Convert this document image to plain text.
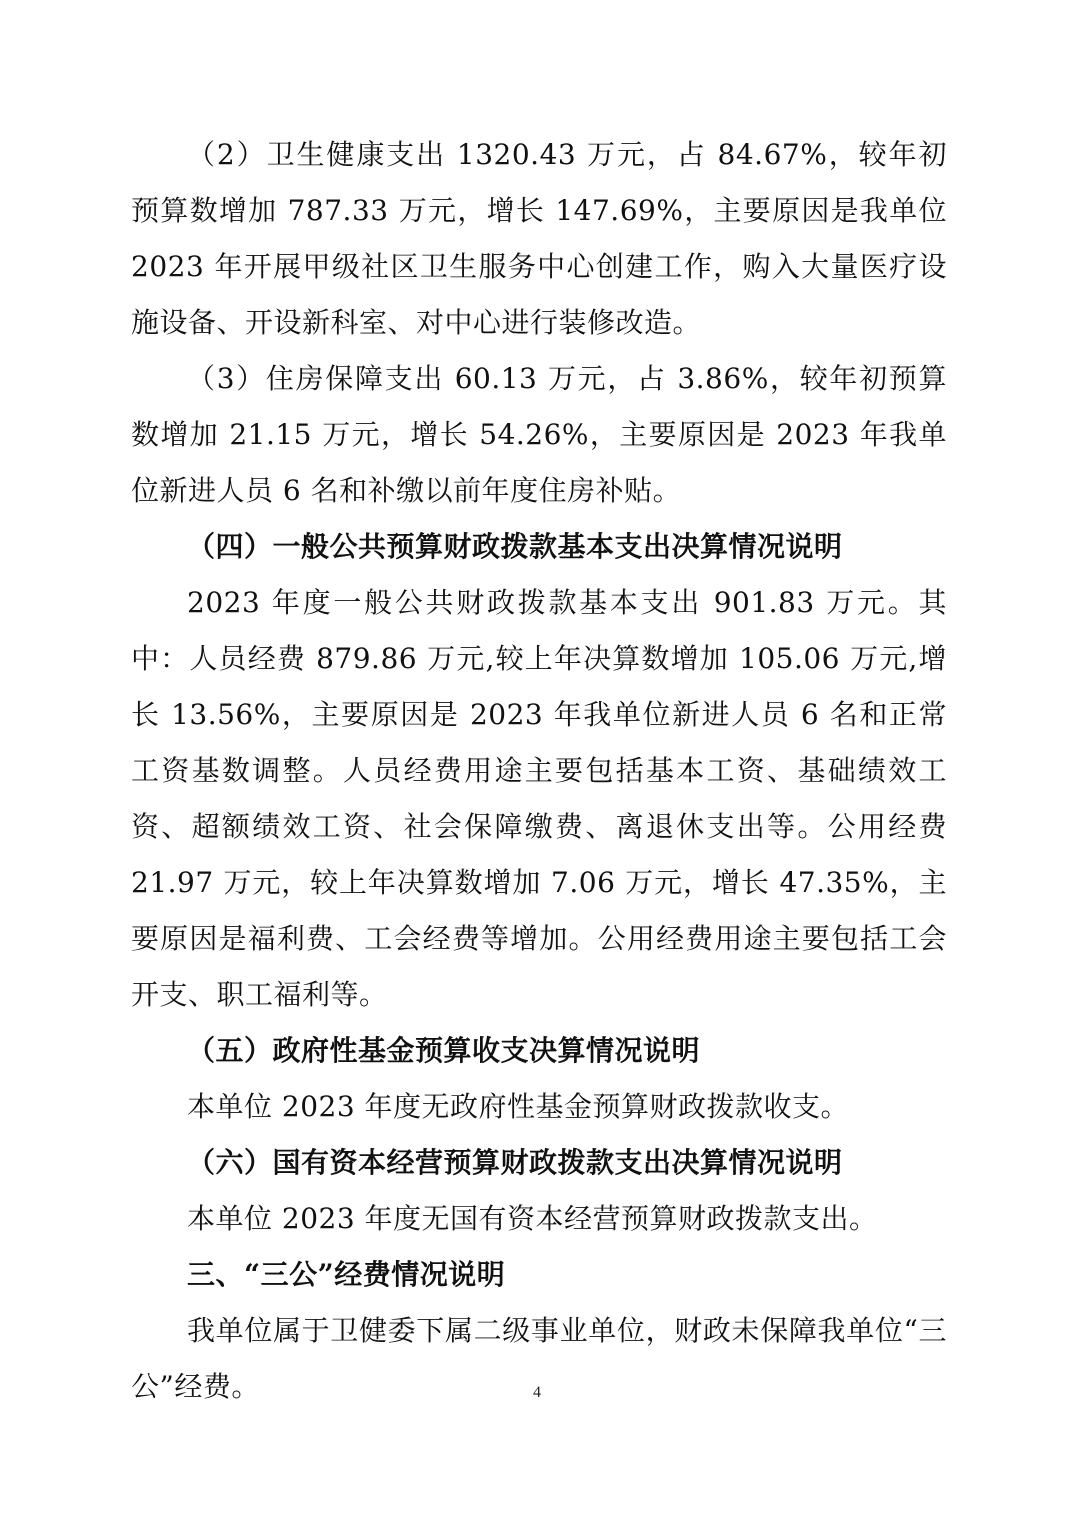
（2）卫生健康支出 1320.43 万元，占 84.67%，较年初预算数增加 787.33 万元，增长 147.69%，主要原因是我单位 2023 年开展甲级社区卫生服务中心创建工作，购入大量医疗设施设备、开设新科室、对中心进行装修改造。

（3）住房保障支出 60.13 万元，占 3.86%，较年初预算数增加 21.15 万元，增长 54.26%，主要原因是 2023 年我单位新进人员 6 名和补缴以前年度住房补贴。

（四）一般公共预算财政拨款基本支出决算情况说明

2023 年度一般公共财政拨款基本支出 901.83 万元。其中：人员经费 879.86 万元,较上年决算数增加 105.06 万元,增长 13.56%，主要原因是 2023 年我单位新进人员 6 名和正常工资基数调整。人员经费用途主要包括基本工资、基础绩效工资、超额绩效工资、社会保障缴费、离退休支出等。公用经费 21.97 万元，较上年决算数增加 7.06 万元，增长 47.35%，主要原因是福利费、工会经费等增加。公用经费用途主要包括工会开支、职工福利等。

（五）政府性基金预算收支决算情况说明

本单位 2023 年度无政府性基金预算财政拨款收支。

（六）国有资本经营预算财政拨款支出决算情况说明

本单位 2023 年度无国有资本经营预算财政拨款支出。

三、“三公”经费情况说明

我单位属于卫健委下属二级事业单位，财政未保障我单位“三公”经费。	4
